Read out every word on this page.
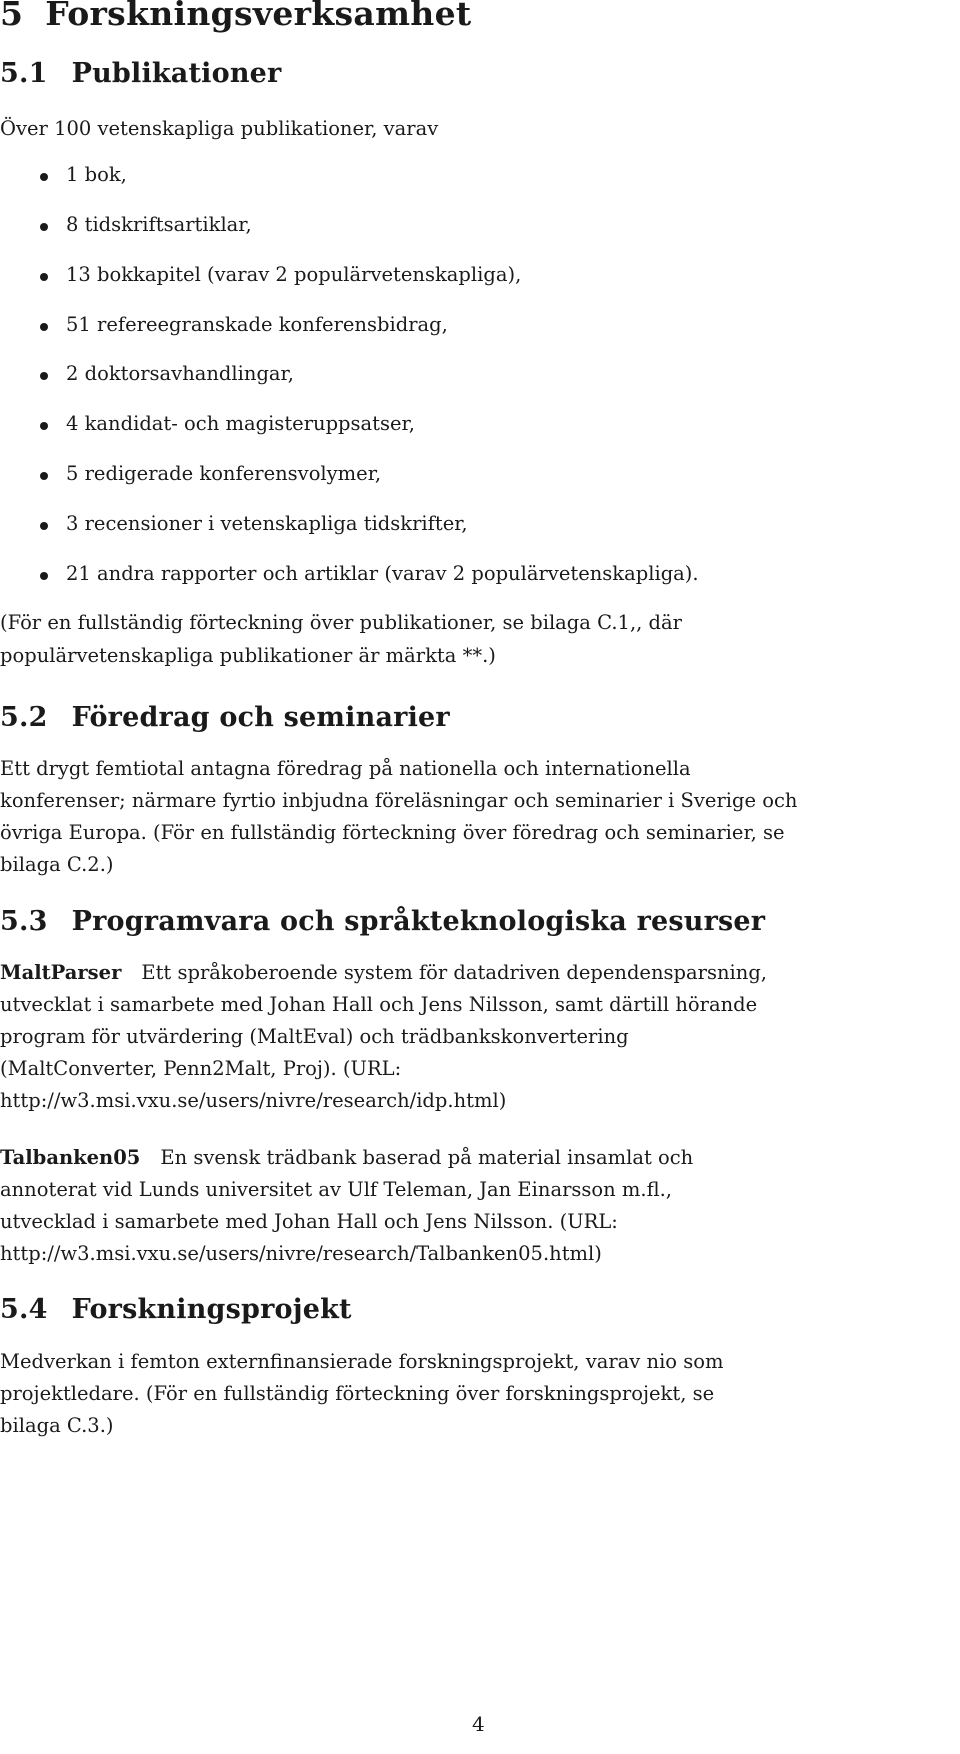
5 Forskningsverksamhet
5.1 Publikationer
Över 100 vetenskapliga publikationer, varav
1 bok,
8 tidskriftsartiklar,
13 bokkapitel (varav 2 populärvetenskapliga),
51 refereegranskade konferensbidrag,
2 doktorsavhandlingar,
4 kandidat- och magisteruppsatser,
5 redigerade konferensvolymer,
3 recensioner i vetenskapliga tidskrifter,
21 andra rapporter och artiklar (varav 2 populärvetenskapliga).
(För en fullständig förteckning över publikationer, se bilaga C.1,, där
populärvetenskapliga publikationer är märkta **.)
5.2 Föredrag och seminarier
Ett drygt femtiotal antagna föredrag på nationella och internationella
konferenser; närmare fyrtio inbjudna föreläsningar och seminarier i Sverige och
övriga Europa. (För en fullständig förteckning över föredrag och seminarier, se
bilaga C.2.)
5.3 Programvara och språkteknologiska resurser
MaltParser Ett språkoberoende system för datadriven dependensparsning,
utvecklat i samarbete med Johan Hall och Jens Nilsson, samt därtill hörande
program för utvärdering (MaltEval) och trädbankskonvertering
(MaltConverter, Penn2Malt, Proj). (URL:
http://w3.msi.vxu.se/users/nivre/research/idp.html)
Talbanken05 En svensk trädbank baserad på material insamlat och
annoterat vid Lunds universitet av Ulf Teleman, Jan Einarsson m.fl.,
utvecklad i samarbete med Johan Hall och Jens Nilsson. (URL:
http://w3.msi.vxu.se/users/nivre/research/Talbanken05.html)
5.4 Forskningsprojekt
Medverkan i femton externfinansierade forskningsprojekt, varav nio som
projektledare. (För en fullständig förteckning över forskningsprojekt, se
bilaga C.3.)
4
